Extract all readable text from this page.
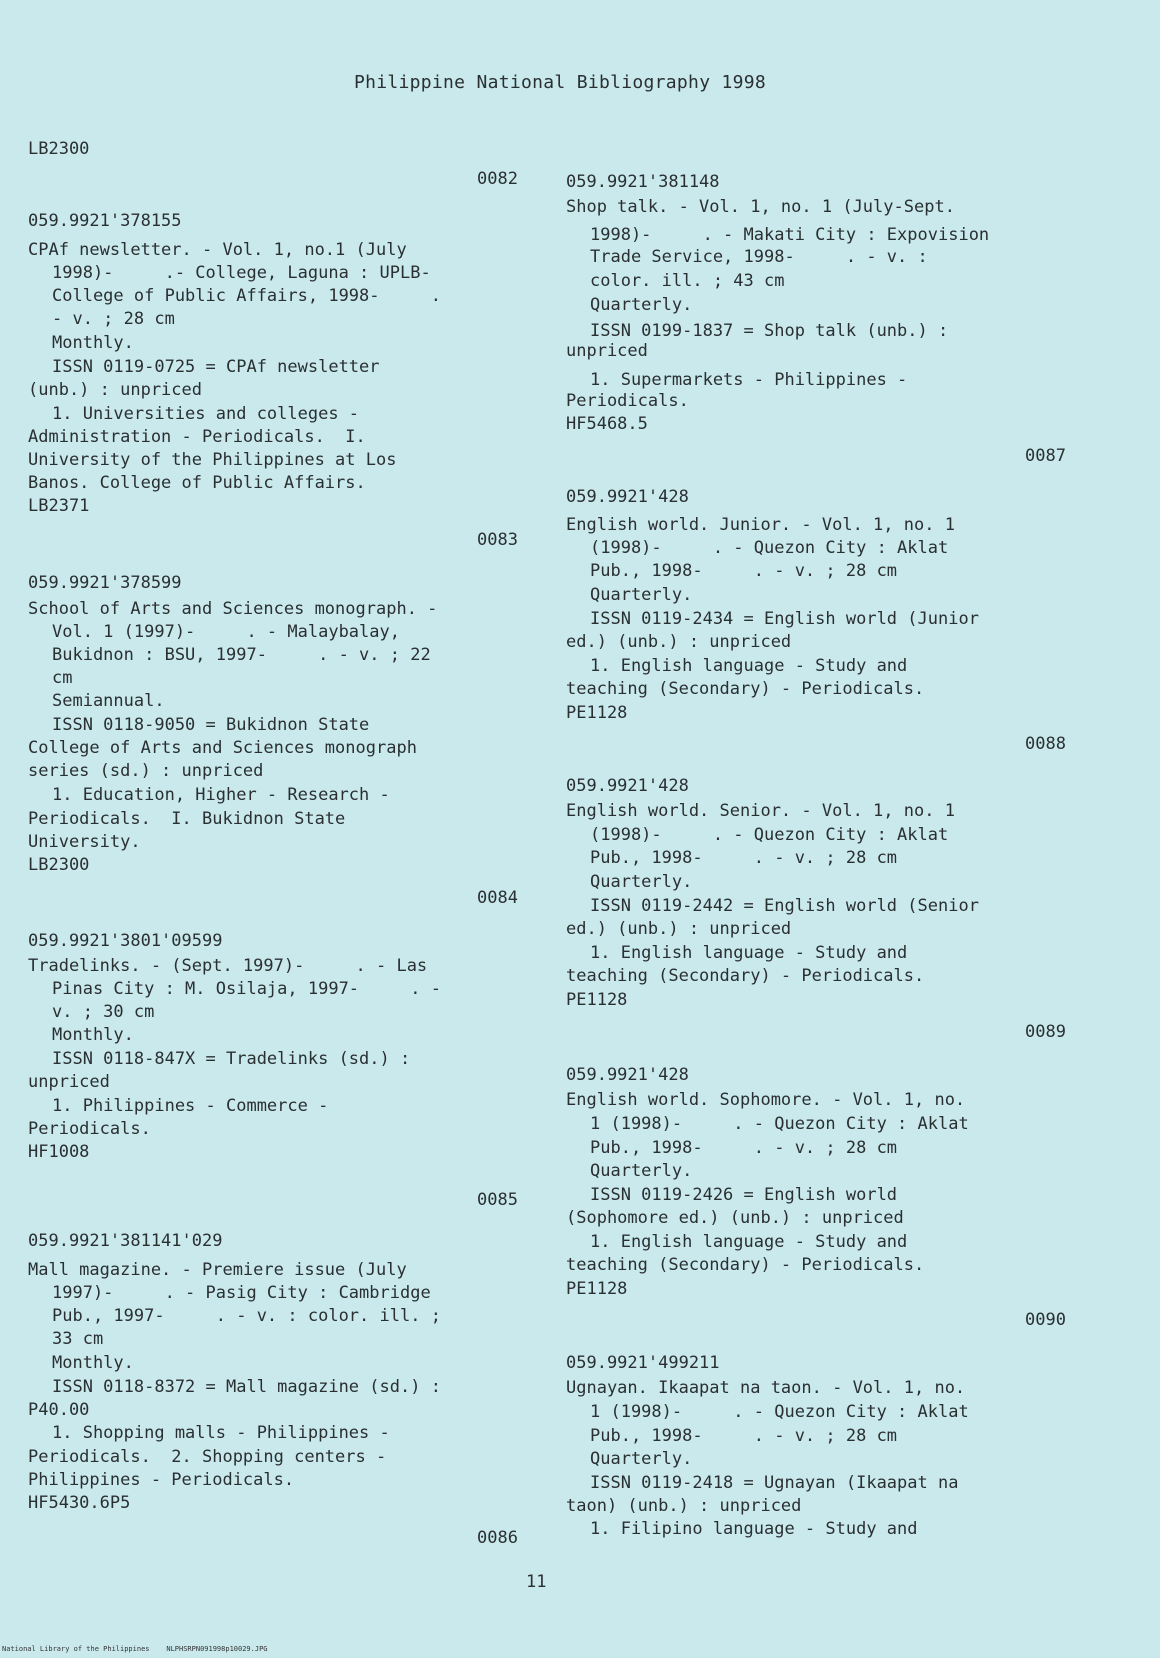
Philippine National Bibliography 1998
LB2300
0082
059.9921'378155
CPAf newsletter. - Vol. 1, no.1 (July
1998)-     .- College, Laguna : UPLB-
College of Public Affairs, 1998-     .
- v. ; 28 cm
Monthly.
ISSN 0119-0725 = CPAf newsletter
(unb.) : unpriced
1. Universities and colleges -
Administration - Periodicals.  I.
University of the Philippines at Los
Banos. College of Public Affairs.
LB2371
0083
059.9921'378599
School of Arts and Sciences monograph. -
Vol. 1 (1997)-     . - Malaybalay,
Bukidnon : BSU, 1997-     . - v. ; 22
cm
Semiannual.
ISSN 0118-9050 = Bukidnon State
College of Arts and Sciences monograph
series (sd.) : unpriced
1. Education, Higher - Research -
Periodicals.  I. Bukidnon State
University.
LB2300
0084
059.9921'3801'09599
Tradelinks. - (Sept. 1997)-     . - Las
Pinas City : M. Osilaja, 1997-     . -
v. ; 30 cm
Monthly.
ISSN 0118-847X = Tradelinks (sd.) :
unpriced
1. Philippines - Commerce -
Periodicals.
HF1008
0085
059.9921'381141'029
Mall magazine. - Premiere issue (July
1997)-     . - Pasig City : Cambridge
Pub., 1997-     . - v. : color. ill. ;
33 cm
Monthly.
ISSN 0118-8372 = Mall magazine (sd.) :
P40.00
1. Shopping malls - Philippines -
Periodicals.  2. Shopping centers -
Philippines - Periodicals.
HF5430.6P5
0086
059.9921'381148
Shop talk. - Vol. 1, no. 1 (July-Sept.
1998)-     . - Makati City : Expovision
Trade Service, 1998-     . - v. :
color. ill. ; 43 cm
Quarterly.
ISSN 0199-1837 = Shop talk (unb.) :
unpriced
1. Supermarkets - Philippines -
Periodicals.
HF5468.5
0087
059.9921'428
English world. Junior. - Vol. 1, no. 1
(1998)-     . - Quezon City : Aklat
Pub., 1998-     . - v. ; 28 cm
Quarterly.
ISSN 0119-2434 = English world (Junior
ed.) (unb.) : unpriced
1. English language - Study and
teaching (Secondary) - Periodicals.
PE1128
0088
059.9921'428
English world. Senior. - Vol. 1, no. 1
(1998)-     . - Quezon City : Aklat
Pub., 1998-     . - v. ; 28 cm
Quarterly.
ISSN 0119-2442 = English world (Senior
ed.) (unb.) : unpriced
1. English language - Study and
teaching (Secondary) - Periodicals.
PE1128
0089
059.9921'428
English world. Sophomore. - Vol. 1, no.
1 (1998)-     . - Quezon City : Aklat
Pub., 1998-     . - v. ; 28 cm
Quarterly.
ISSN 0119-2426 = English world
(Sophomore ed.) (unb.) : unpriced
1. English language - Study and
teaching (Secondary) - Periodicals.
PE1128
0090
059.9921'499211
Ugnayan. Ikaapat na taon. - Vol. 1, no.
1 (1998)-     . - Quezon City : Aklat
Pub., 1998-     . - v. ; 28 cm
Quarterly.
ISSN 0119-2418 = Ugnayan (Ikaapat na
taon) (unb.) : unpriced
1. Filipino language - Study and
11
National Library of the Philippines    NLPHSRPN091998p10029.JPG
